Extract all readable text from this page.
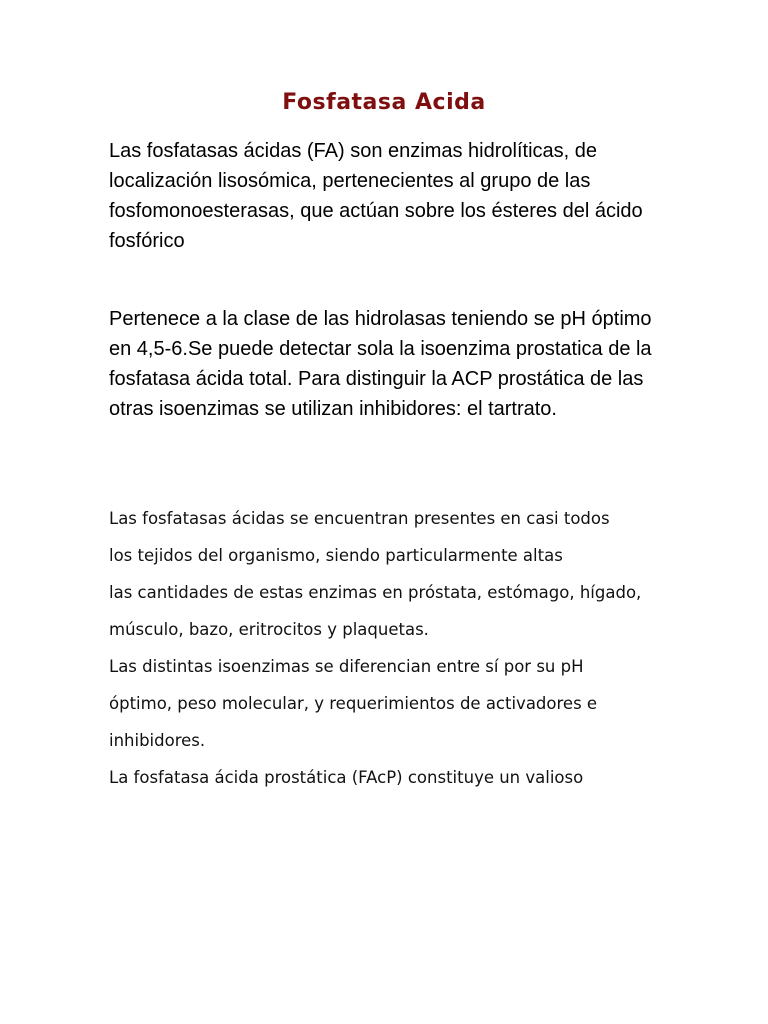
Fosfatasa Acida

Las fosfatasas ácidas (FA) son enzimas hidrolíticas, de localización lisosómica, pertenecientes al grupo de las fosfomonoesterasas, que actúan sobre los ésteres del ácido fosfórico

Pertenece a la clase de las hidrolasas teniendo se pH óptimo en 4,5-6.Se puede detectar sola la isoenzima prostatica de la fosfatasa ácida total. Para distinguir la ACP prostática de las otras isoenzimas se utilizan inhibidores: el tartrato.

Las fosfatasas ácidas se encuentran presentes en casi todos
los tejidos del organismo, siendo particularmente altas
las cantidades de estas enzimas en próstata, estómago, hígado,
músculo, bazo, eritrocitos y plaquetas.
Las distintas isoenzimas se diferencian entre sí por su pH
óptimo, peso molecular, y requerimientos de activadores e
inhibidores.
La fosfatasa ácida prostática (FAcP) constituye un valioso
